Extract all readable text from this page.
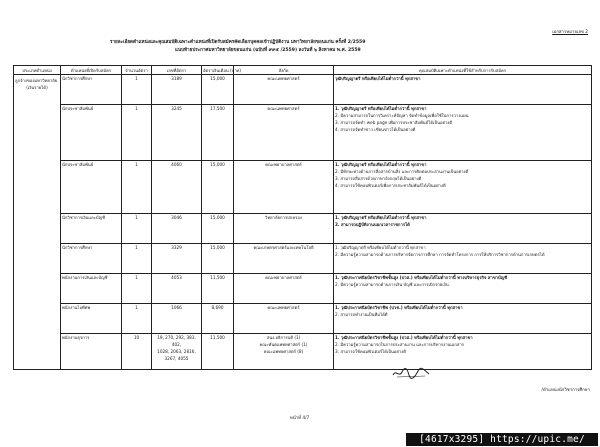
เอกสารหมายเลข 2
รายละเอียดตำแหน่งและคุณสมบัติเฉพาะตำแหน่งที่เปิดรับสมัครคัดเลือกบุคคลเข้าปฏิบัติงาน มหาวิทยาลัยขอนแก่น ครั้งที่ 2/2559
แนบท้ายประกาศมหาวิทยาลัยขอนแก่น (ฉบับที่ ๙๙๕ /2559) ลงวันที่ ๖ สิงหาคม พ.ศ. 2559
ประเภทตำแหน่ง	ตำแหน่งที่เปิดรับสมัคร	จำนวนอัตรา	เลขที่อัตรา	อัตราเงินเดือน (บาท)	สังกัด	คุณสมบัติเฉพาะตำแหน่งที่ใช้สำหรับการรับสมัคร

ลูกจ้างของมหาวิทยาลัย
(เงินรายได้)	นักวิชาการศึกษา	1	3189	15,000	คณะแพทยศาสตร์	วุฒิปริญญาตรี หรือเทียบได้ไม่ต่ำกว่านี้ ทุกสาขา

	นักประชาสัมพันธ์	1	3245	17,500	คณะแพทยศาสตร์	1. วุฒิปริญญาตรี หรือเทียบได้ไม่ต่ำกว่านี้ ทุกสาขา
2. มีความสามารถในการวิเคราะห์ปัญหา จัดทำข้อมูลเพื่อใช้ในการวางแผน
3. สามารถจัดทำ web page เพื่อการประชาสัมพันธ์ได้เป็นอย่างดี
4. สามารถจัดทำข่าว เขียนข่าวได้เป็นอย่างดี

	นักประชาสัมพันธ์	1	4060	15,000	คณะพยาบาลศาสตร์	1. วุฒิปริญญาตรี หรือเทียบได้ไม่ต่ำกว่านี้ ทุกสาขา
2. มีทักษะทางด้านการสื่อสารบ้านสิ่ง และการติดต่อประสานงานเป็นอย่างดี
3. สามารถสื่อสารด้วยภาษาอังกฤษได้เป็นอย่างดี
4. สามารถใช้คอมพิวเตอร์เพื่อการประชาสัมพันธ์ได้เป็นอย่างดี

	นักวิชาการเงินและบัญชี	1	3046	15,000	วิทยาลัยการปกครอง	1. วุฒิปริญญาตรี หรือเทียบได้ไม่ต่ำกว่านี้ ทุกสาขา
2. สามารถปฏิบัติงานนอกเวลาราชการได้

	นักวิชาการศึกษา	1	3329	15,000	คณะเกษตรศาสตร์และเทคโนโลยี	1. วุฒิปริญญาตรี หรือเทียบได้ไม่ต่ำกว่านี้ ทุกสาขา
2. มีความรู้ความสามารถด้านการบริหารจัดการการศึกษา การจัดทำโครงการ การให้บริการวิชาการด้านการเกษตรได้

	พนักงานการเงินและบัญชี	1	4053	11,500	คณะพยาบาลศาสตร์	1. วุฒิประกาศนียบัตรวิชาชีพชั้นสูง (ปวส.) หรือเทียบได้ไม่ต่ำกว่านี้ ทางบริหารธุรกิจ สาขาบัญชี
2. มีความรู้ความสามารถด้านการเงิน บัญชี และการเบิกจ่ายเงิน

	พนักงานไอทีศพ	1	1066	8,690	คณะแพทยศาสตร์	1. วุฒิประกาศนียบัตรวิชาชีพ (ปวช.) หรือเทียบได้ไม่ต่ำกว่านี้ ทุกสาขา
2. สามารถทำงานเป็นทีมได้ดี

	พนักงานธุรการ	10	19, 270, 292, 383, 402,
1028, 2063, 2816,
3267, 4055	11,500	สนง.อธิการบดี (1)
คณะทันตแพทยศาสตร์ (1)
คณะแพทยศาสตร์ (8)	1. วุฒิประกาศนียบัตรวิชาชีพชั้นสูง (ปวส.) หรือเทียบได้ไม่ต่ำกว่านี้ ทุกสาขา
2. มีความรู้ความสามารถในการประสานงาน และการบริหารงานเอกสาร
3. สามารถใช้คอมพิวเตอร์ได้เป็นอย่างดี
/ตำแหน่งนักวิชาการศึกษา
หน้าที่ 4/7
[4617x3295] https://upic.me/
